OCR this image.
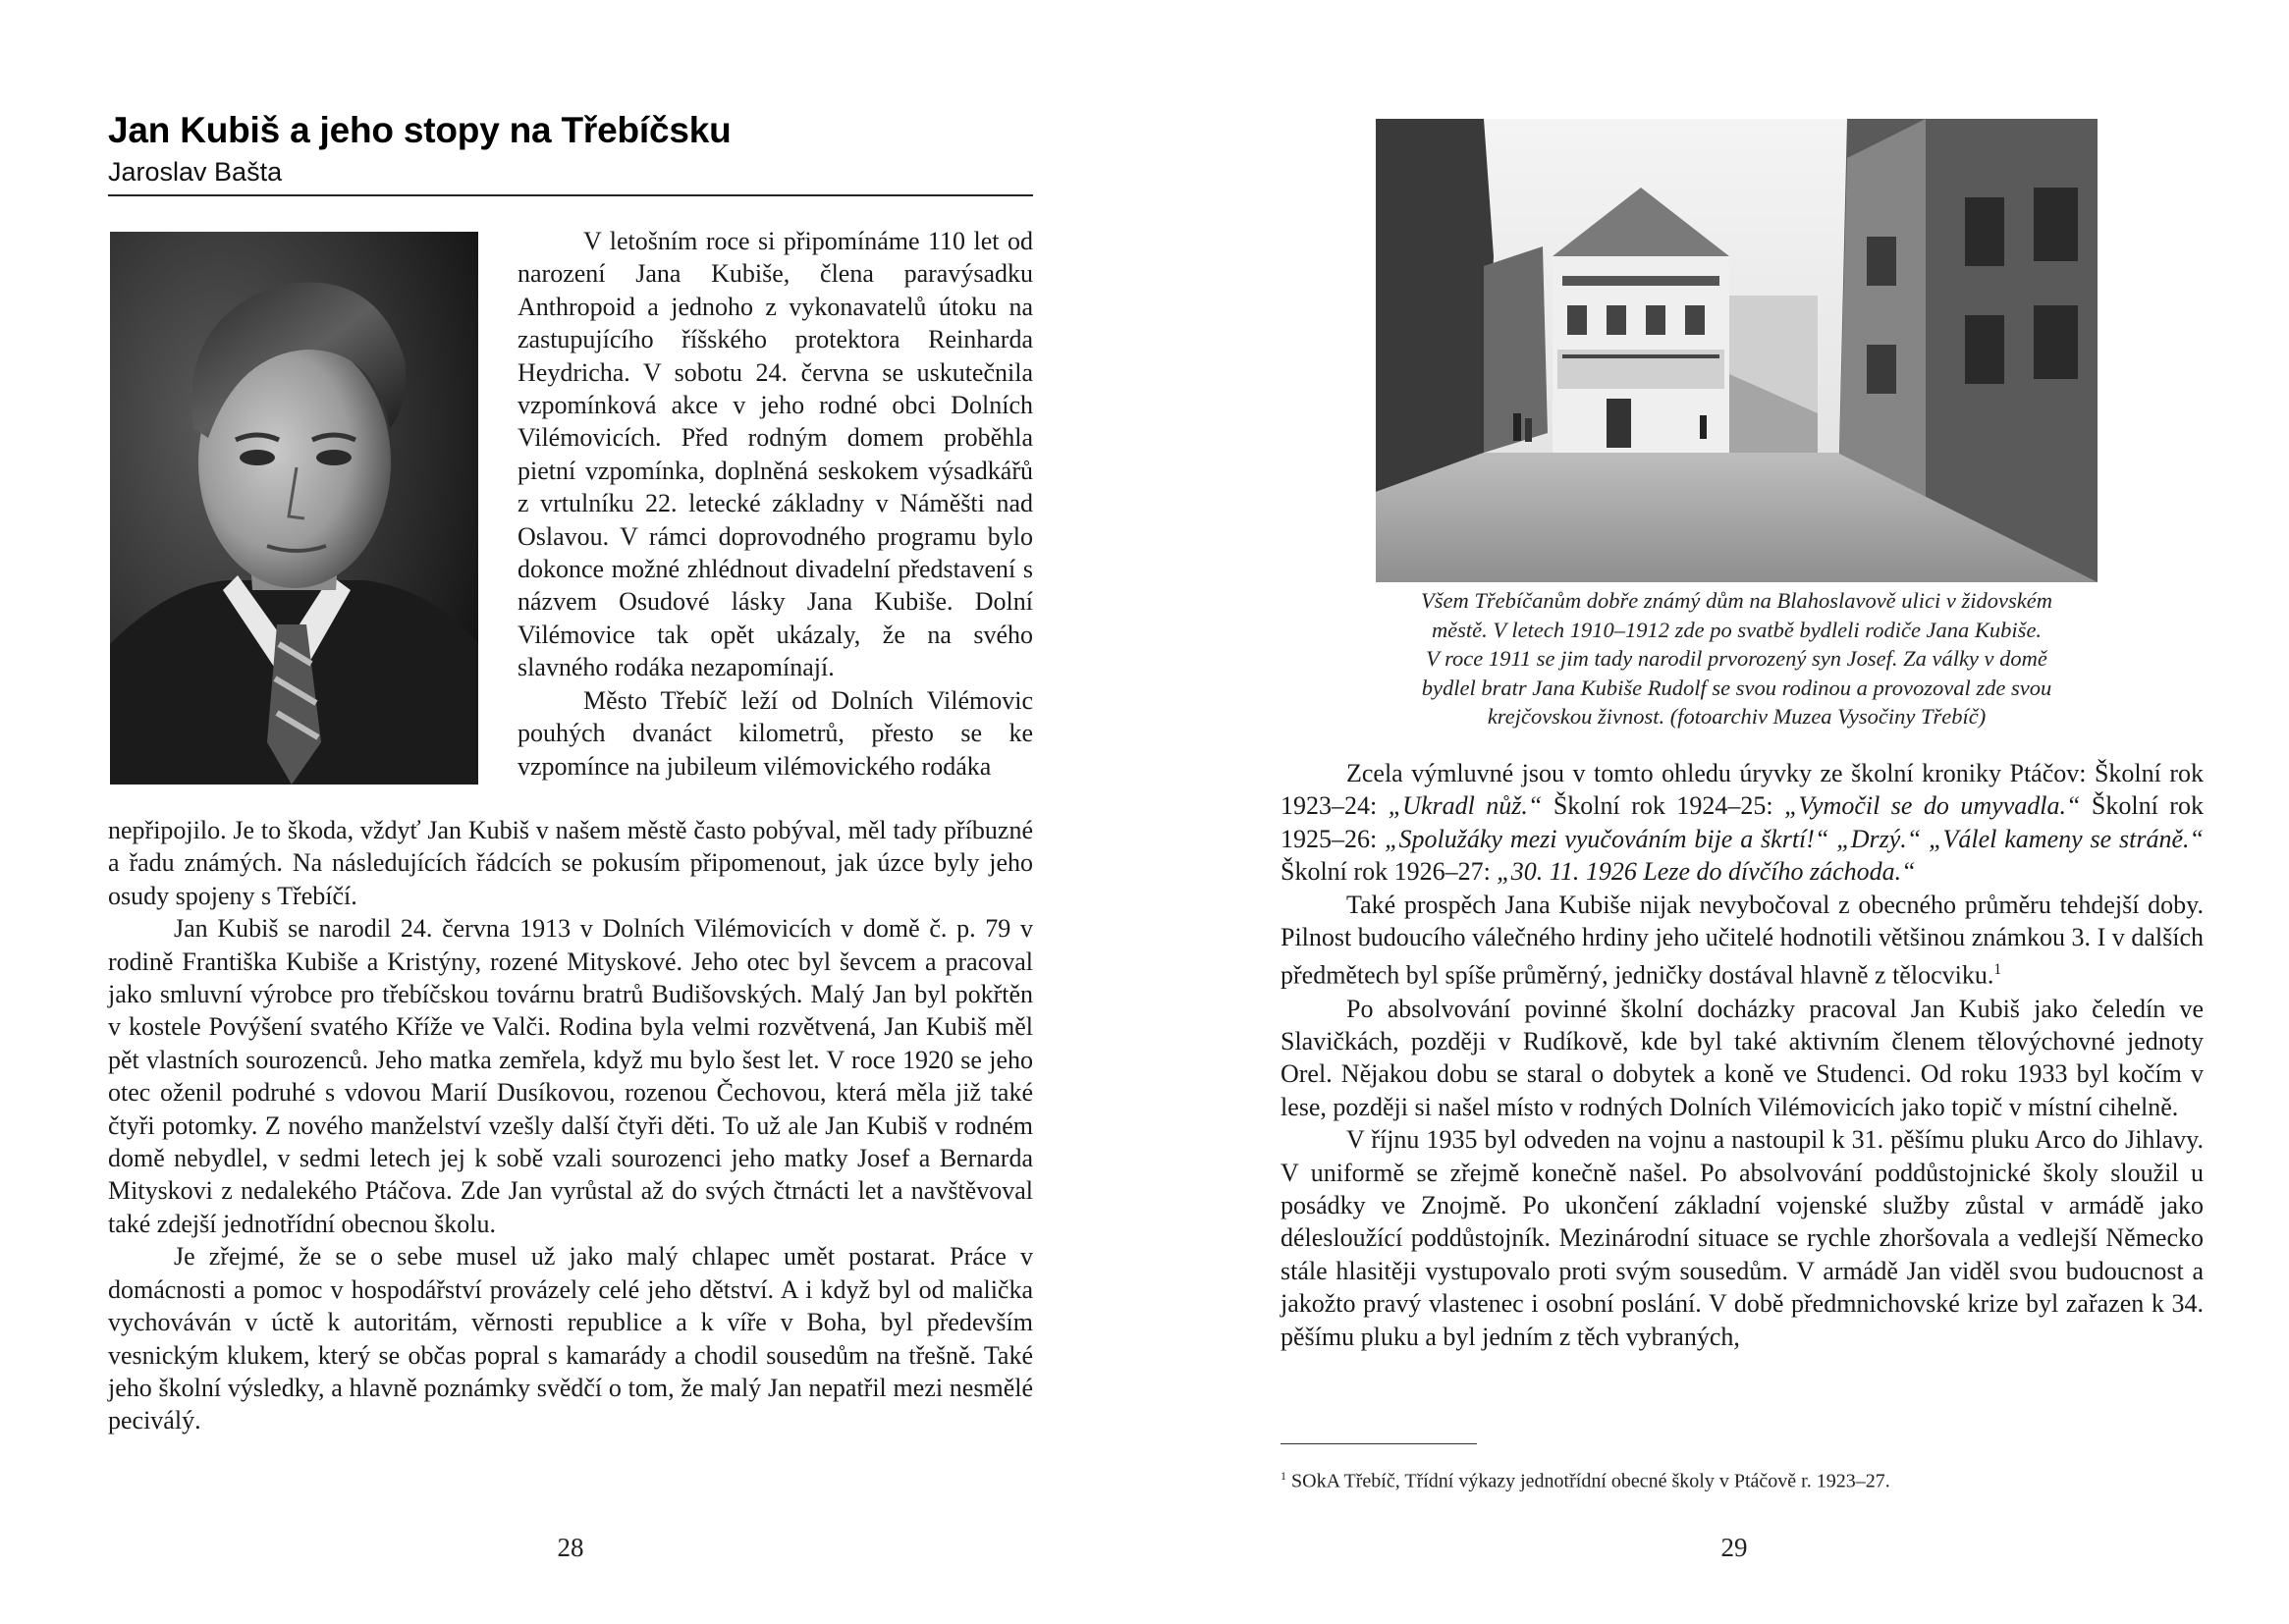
Jan Kubiš a jeho stopy na Třebíčsku
Jaroslav Bašta

V letošním roce si připomínáme 110 let od narození Jana Kubiše, člena paravýsadku Anthropoid a jednoho z vykonavatelů útoku na zastupujícího říšského protektora Reinharda Heydricha. V sobotu 24. června se uskutečnila vzpomínková akce v jeho rodné obci Dolních Vilémovicích. Před rodným domem proběhla pietní vzpomínka, doplněná seskokem výsadkářů z vrtulníku 22. letecké základny v Náměšti nad Oslavou. V rámci doprovodného programu bylo dokonce možné zhlédnout divadelní představení s názvem Osudové lásky Jana Kubiše. Dolní Vilémovice tak opět ukázaly, že na svého slavného rodáka nezapomínají.

Město Třebíč leží od Dolních Vilémovic pouhých dvanáct kilometrů, přesto se ke vzpomínce na jubileum vilémovického rodáka

nepřipojilo. Je to škoda, vždyť Jan Kubiš v našem městě často pobýval, měl tady příbuzné a řadu známých. Na následujících řádcích se pokusím připomenout, jak úzce byly jeho osudy spojeny s Třebíčí.

Jan Kubiš se narodil 24. června 1913 v Dolních Vilémovicích v domě č. p. 79 v rodině Františka Kubiše a Kristýny, rozené Mityskové. Jeho otec byl ševcem a pracoval jako smluvní výrobce pro třebíčskou továrnu bratrů Budišovských. Malý Jan byl pokřtěn v kostele Povýšení svatého Kříže ve Valči. Rodina byla velmi rozvětvená, Jan Kubiš měl pět vlastních sourozenců. Jeho matka zemřela, když mu bylo šest let. V roce 1920 se jeho otec oženil podruhé s vdovou Marií Dusíkovou, rozenou Čechovou, která měla již také čtyři potomky. Z nového manželství vzešly další čtyři děti. To už ale Jan Kubiš v rodném domě nebydlel, v sedmi letech jej k sobě vzali sourozenci jeho matky Josef a Bernarda Mityskovi z nedalekého Ptáčova. Zde Jan vyrůstal až do svých čtrnácti let a navštěvoval také zdejší jednotřídní obecnou školu.

Je zřejmé, že se o sebe musel už jako malý chlapec umět postarat. Práce v domácnosti a pomoc v hospodářství provázely celé jeho dětství. A i když byl od malička vychováván v úctě k autoritám, věrnosti republice a k víře v Boha, byl především vesnickým klukem, který se občas popral s kamarády a chodil sousedům na třešně. Také jeho školní výsledky, a hlavně poznámky svědčí o tom, že malý Jan nepatřil mezi nesmělé peciválý.

28
Všem Třebíčanům dobře známý dům na Blahoslavově ulici v židovském
městě. V letech 1910–1912 zde po svatbě bydleli rodiče Jana Kubiše.
V roce 1911 se jim tady narodil prvorozený syn Josef. Za války v domě
bydlel bratr Jana Kubiše Rudolf se svou rodinou a provozoval zde svou
krejčovskou živnost. (fotoarchiv Muzea Vysočiny Třebíč)

Zcela výmluvné jsou v tomto ohledu úryvky ze školní kroniky Ptáčov: Školní rok 1923–24: „Ukradl nůž.“ Školní rok 1924–25: „Vymočil se do umyvadla.“ Školní rok 1925–26: „Spolužáky mezi vyučováním bije a škrtí!“ „Drzý.“ „Válel kameny se stráně.“ Školní rok 1926–27: „30. 11. 1926 Leze do dívčího záchoda.“

Také prospěch Jana Kubiše nijak nevybočoval z obecného průměru tehdejší doby. Pilnost budoucího válečného hrdiny jeho učitelé hodnotili většinou známkou 3. I v dalších předmětech byl spíše průměrný, jedničky dostával hlavně z tělocviku.$^1$

Po absolvování povinné školní docházky pracoval Jan Kubiš jako čeledín ve Slavičkách, později v Rudíkově, kde byl také aktivním členem tělovýchovné jednoty Orel. Nějakou dobu se staral o dobytek a koně ve Studenci. Od roku 1933 byl kočím v lese, později si našel místo v rodných Dolních Vilémovicích jako topič v místní cihelně.

V říjnu 1935 byl odveden na vojnu a nastoupil k 31. pěšímu pluku Arco do Jihlavy. V uniformě se zřejmě konečně našel. Po absolvování poddůstojnické školy sloužil u posádky ve Znojmě. Po ukončení základní vojenské služby zůstal v armádě jako délesloužící poddůstojník. Mezinárodní situace se rychle zhoršovala a vedlejší Německo stále hlasitěji vystupovalo proti svým sousedům. V armádě Jan viděl svou budoucnost a jakožto pravý vlastenec i osobní poslání. V době předmnichovské krize byl zařazen k 34. pěšímu pluku a byl jedním z těch vybraných,

$^1$ SOkA Třebíč, Třídní výkazy jednotřídní obecné školy v Ptáčově r. 1923–27.
29
